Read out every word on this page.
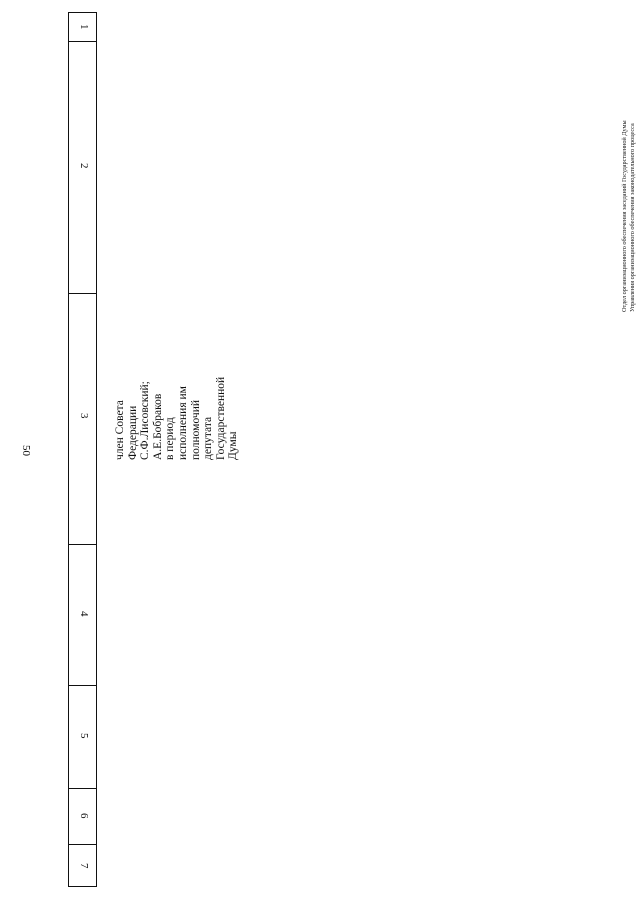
50
1
2
3
4
5
6
7
член Совета Федерации С.Ф.Лисовский; А.Е.Бобраков в период исполнения им полномочий депутата Государственной Думы
Отдел организационного обеспечения заседаний Государственной Думы Управления организационного обеспечения законодательного процесса
